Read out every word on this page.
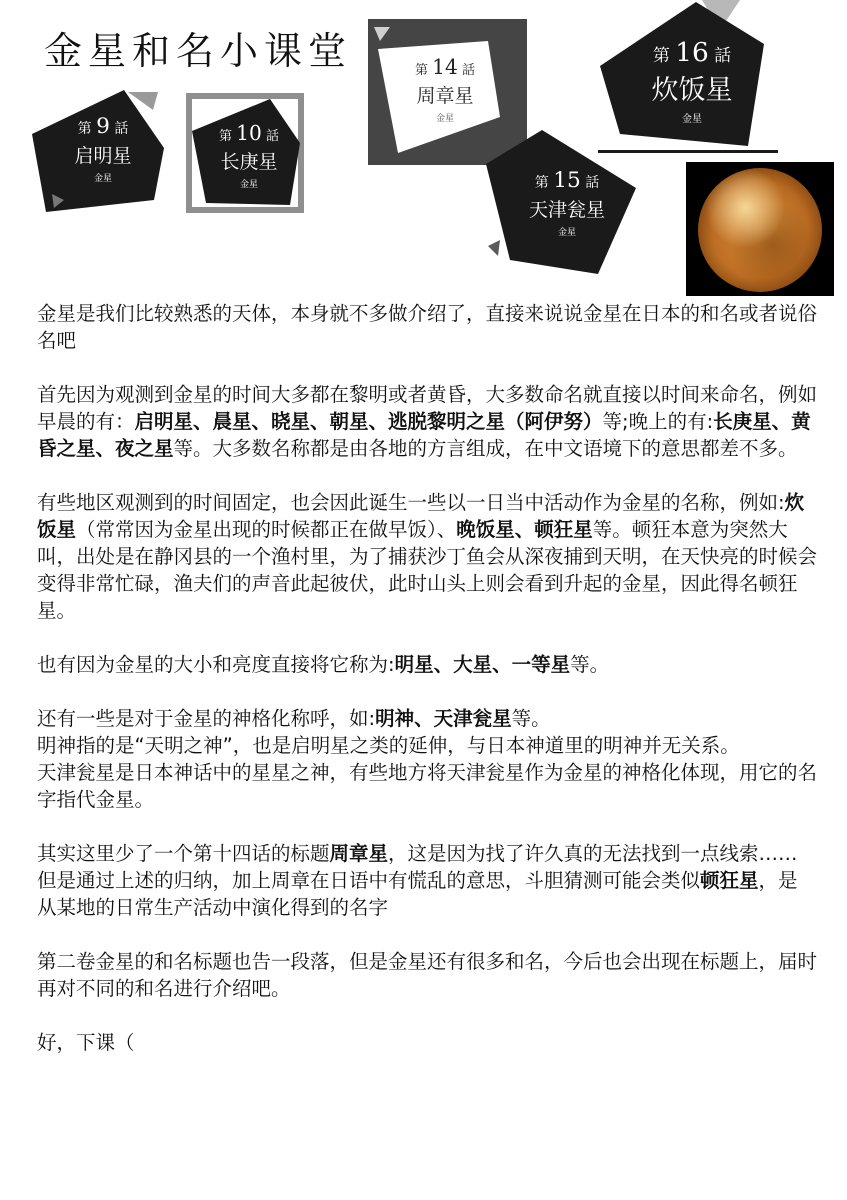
金星和名小课堂
第 9 話
启明星
金星
第 10 話
长庚星
金星
第 14 話
周章星
金星
第 15 話
天津瓮星
金星
第 16 話
炊饭星
金星

金星是我们比较熟悉的天体，本身就不多做介绍了，直接来说说金星在日本的和名或者说俗名吧

首先因为观测到金星的时间大多都在黎明或者黄昏，大多数命名就直接以时间来命名，例如早晨的有：启明星、晨星、晓星、朝星、逃脱黎明之星（阿伊努）等;晚上的有:长庚星、黄昏之星、夜之星等。大多数名称都是由各地的方言组成，在中文语境下的意思都差不多。

有些地区观测到的时间固定，也会因此诞生一些以一日当中活动作为金星的名称，例如:炊饭星（常常因为金星出现的时候都正在做早饭）、晚饭星、顿狂星等。顿狂本意为突然大叫，出处是在静冈县的一个渔村里，为了捕获沙丁鱼会从深夜捕到天明，在天快亮的时候会变得非常忙碌，渔夫们的声音此起彼伏，此时山头上则会看到升起的金星，因此得名顿狂星。

也有因为金星的大小和亮度直接将它称为:明星、大星、一等星等。

还有一些是对于金星的神格化称呼，如:明神、天津瓮星等。

明神指的是“天明之神”，也是启明星之类的延伸，与日本神道里的明神并无关系。

天津瓮星是日本神话中的星星之神，有些地方将天津瓮星作为金星的神格化体现，用它的名字指代金星。

其实这里少了一个第十四话的标题周章星，这是因为找了许久真的无法找到一点线索……但是通过上述的归纳，加上周章在日语中有慌乱的意思，斗胆猜测可能会类似顿狂星，是从某地的日常生产活动中演化得到的名字

第二卷金星的和名标题也告一段落，但是金星还有很多和名，今后也会出现在标题上，届时再对不同的和名进行介绍吧。

好，下课（
